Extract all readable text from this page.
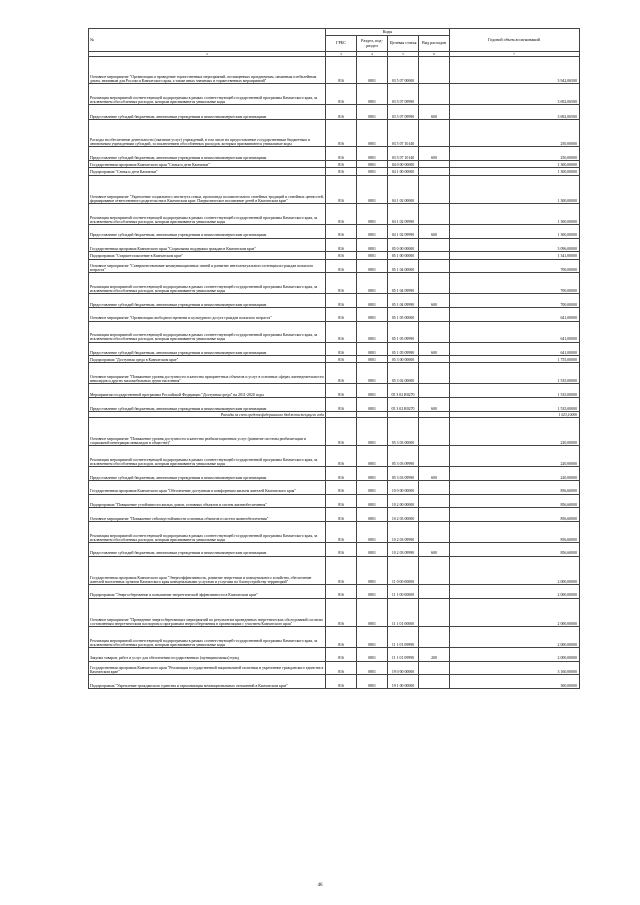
№	Коды				Годовой объем ассигнований
	ГРБС	Раздел, под-раздел	Целевая статья	Вид расходов	
2	3	4	5	6	7
Основное мероприятие "Организация и проведение торжественных мероприятий, посвященных праздничным, памятным и юбилейным датам, значимым для России и Камчатского края, а также иных значимых и торжественных мероприятий"	816	0801	03 5 07 00000		3 942,06500
Реализация мероприятий соответствующей подпрограммы в рамках соответствующей государственной программы Камчатского края, за исключением обособленных расходов, которым присваиваются уникальные коды	816	0801	03 5 07 09990		3 692,06500
Предоставление субсидий бюджетным, автономным учреждениям и иным некоммерческим организациям	816	0801	03 5 07 09990	600	3 692,06500
Расходы на обеспечение деятельности (оказание услуг) учреждений, в том числе на предоставление государственным бюджетным и автономным учреждениям субсидий, за исключением обособленных расходов, которым присваиваются уникальные коды	816	0801	03 5 07 10140		250,00000
Предоставление субсидий бюджетным, автономным учреждениям и иным некоммерческим организациям	816	0801	03 5 07 10140	600	250,00000
Государственная программа Камчатского края "Семья и дети Камчатки"	816	0801	04 0 00 00000		1 300,00000
Подпрограмма "Семья и дети Камчатки"	816	0801	04 1 00 00000		1 300,00000
Основное мероприятие "Укрепление социального института семьи, пропаганда положительного семейных традиций и семейных ценностей, формирование ответственного родительства в Камчатском крае. Патриотическое воспитание детей в Камчатском крае"	816	0801	04 1 02 00000		1 300,00000
Реализация мероприятий соответствующей подпрограммы в рамках соответствующей государственной программы Камчатского края, за исключением обособленных расходов, которым присваиваются уникальные коды	816	0801	04 1 02 09990		1 300,00000
Предоставление субсидий бюджетным, автономным учреждениям и иным некоммерческим организациям	816	0801	04 1 02 09990	600	1 300,00000
Государственная программа Камчатского края "Социальная поддержка граждан в Камчатском крае"	816	0801	05 0 00 00000		3 096,00000
Подпрограмма "Старшее поколение в Камчатском крае"	816	0801	05 1 00 00000		1 341,00000
Основное мероприятие "Совершенствование коммуникационных связей и развитие интеллектуального потенциала граждан пожилого возраста"	816	0801	05 1 04 00000		700,00000
Реализация мероприятий соответствующей подпрограммы в рамках соответствующей государственной программы Камчатского края, за исключением обособленных расходов, которым присваиваются уникальные коды	816	0801	05 1 04 09990		700,00000
Предоставление субсидий бюджетным, автономным учреждениям и иным некоммерческим организациям	816	0801	05 1 04 09990	600	700,00000
Основное мероприятие "Организация свободного времени и культурного досуга граждан пожилого возраста"	816	0801	05 1 05 00000		641,00000
Реализация мероприятий соответствующей подпрограммы в рамках соответствующей государственной программы Камчатского края, за исключением обособленных расходов, которым присваиваются уникальные коды	816	0801	05 1 05 09990		641,00000
Предоставление субсидий бюджетным, автономным учреждениям и иным некоммерческим организациям	816	0801	05 1 05 09990	600	641,00000
Подпрограмма "Доступная среда в Камчатском крае"	816	0801	05 3 00 00000		1 755,00000
Основное мероприятие "Повышение уровня доступности и качества приоритетных объектов и услуг в основных сферах жизнедеятельности инвалидов и других маломобильных групп населения"	816	0801	05 3 02 00000		1 535,00000
Мероприятия государственной программы Российской Федерации "Доступная среда" на 2011-2020 годы	816	0801	05 3 02 R0270		1 535,00000
Предоставление субсидий бюджетным, автономным учреждениям и иным некоммерческим организациям	816	0801	05 3 02 R0270	600	1 535,00000
Расходы за счет средств федерального бюджета текущего года					1 023,10000
Основное мероприятие "Повышение уровня доступности и качества реабилитационных услуг (развитие системы реабилитации и социальной интеграции инвалидов в обществе)"	816	0801	05 3 03 00000		220,00000
Реализация мероприятий соответствующей подпрограммы в рамках соответствующей государственной программы Камчатского края, за исключением обособленных расходов, которым присваиваются уникальные коды	816	0801	05 3 03 09990		220,00000
Предоставление субсидий бюджетным, автономным учреждениям и иным некоммерческим организациям	816	0801	05 3 03 09990	600	220,00000
Государственная программа Камчатского края "Обеспечение доступным и комфортным жильем жителей Камчатского края"	816	0801	10 0 00 00000		856,60000
Подпрограмма "Повышение устойчивости жилых домов, основных объектов и систем жизнеобеспечения"	816	0801	10 2 00 00000		856,60000
Основное мероприятие "Повышение сейсмоустойчивости основных объектов и систем жизнеобеспечения"	816	0801	10 2 03 00000		856,60000
Реализация мероприятий соответствующей подпрограммы в рамках соответствующей государственной программы Камчатского края, за исключением обособленных расходов, которым присваиваются уникальные коды	816	0801	10 2 03 09990		856,60000
Предоставление субсидий бюджетным, автономным учреждениям и иным некоммерческим организациям	816	0801	10 2 03 09990	600	856,60000
Государственная программа Камчатского края "Энергоэффективность, развитие энергетики и коммунального хозяйства, обеспечение жителей населенных пунктов Камчатского края коммунальными услугами и услугами по благоустройству территорий"	816	0801	11 0 00 00000		2 000,00000
Подпрограмма "Энергосбережение и повышение энергетической эффективности в Камчатском крае"	816	0801	11 1 00 00000		2 000,00000
Основное мероприятие "Проведение энергосберегающих мероприятий по результатам проведенных энергетических обследований согласно составленным энергетическим паспортам и программам энергосбережения в организациях с участием Камчатского края"	816	0801	11 1 01 00000		2 000,00000
Реализация мероприятий соответствующей подпрограммы в рамках соответствующей государственной программы Камчатского края, за исключением обособленных расходов, которым присваиваются уникальные коды	816	0801	11 1 01 09990		2 000,00000
Закупка товаров, работ и услуг для обеспечения государственных (муниципальных) нужд	816	0801	11 1 01 09990	200	2 000,00000
Государственная программа Камчатского края "Реализация государственной национальной политики и укрепление гражданского единства в Камчатском крае"	816	0801	19 0 00 00000		3 160,00000
Подпрограмма "Укрепление гражданского единства и гармонизация межнациональных отношений в Камчатском крае"	816	0801	19 1 00 00000		300,00000
46
